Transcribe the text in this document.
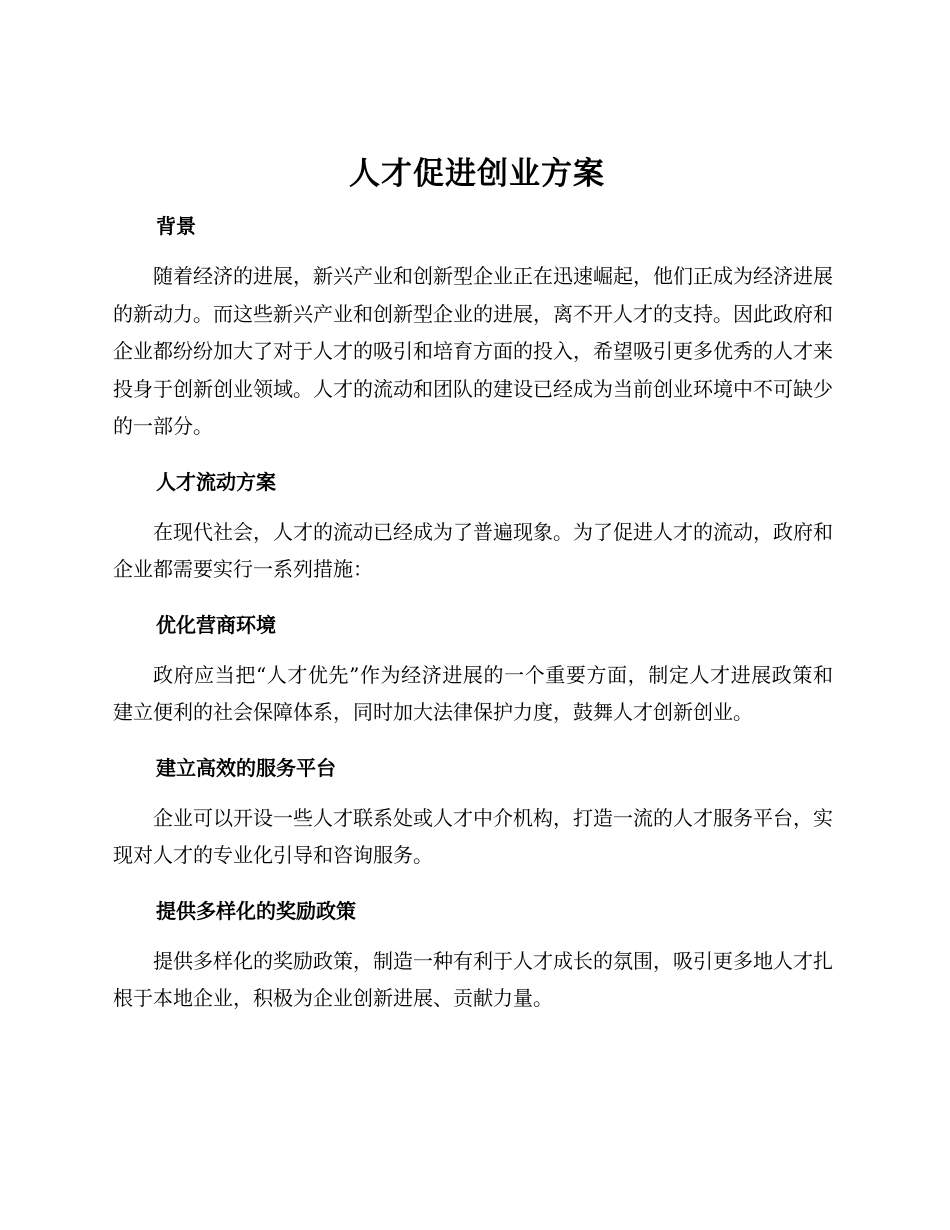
人才促进创业方案
背景

随着经济的进展，新兴产业和创新型企业正在迅速崛起，他们正成为经济进展的新动力。而这些新兴产业和创新型企业的进展，离不开人才的支持。因此政府和企业都纷纷加大了对于人才的吸引和培育方面的投入，希望吸引更多优秀的人才来投身于创新创业领域。人才的流动和团队的建设已经成为当前创业环境中不可缺少的一部分。

人才流动方案

在现代社会，人才的流动已经成为了普遍现象。为了促进人才的流动，政府和企业都需要实行一系列措施：

优化营商环境

政府应当把“人才优先”作为经济进展的一个重要方面，制定人才进展政策和建立便利的社会保障体系，同时加大法律保护力度，鼓舞人才创新创业。

建立高效的服务平台

企业可以开设一些人才联系处或人才中介机构，打造一流的人才服务平台，实现对人才的专业化引导和咨询服务。

提供多样化的奖励政策

提供多样化的奖励政策，制造一种有利于人才成长的氛围，吸引更多地人才扎根于本地企业，积极为企业创新进展、贡献力量。
